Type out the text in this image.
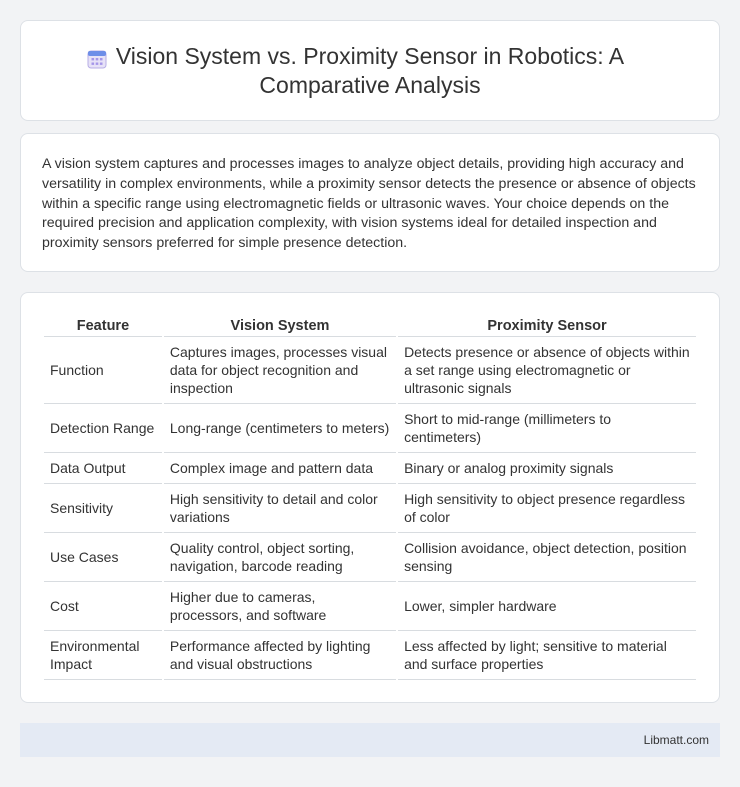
Vision System vs. Proximity Sensor in Robotics: A Comparative Analysis

A vision system captures and processes images to analyze object details, providing high accuracy and versatility in complex environments, while a proximity sensor detects the presence or absence of objects within a specific range using electromagnetic fields or ultrasonic waves. Your choice depends on the required precision and application complexity, with vision systems ideal for detailed inspection and proximity sensors preferred for simple presence detection.

Feature	Vision System	Proximity Sensor
Function	Captures images, processes visual data for object recognition and inspection	Detects presence or absence of objects within a set range using electromagnetic or ultrasonic signals
Detection Range	Long-range (centimeters to meters)	Short to mid-range (millimeters to centimeters)
Data Output	Complex image and pattern data	Binary or analog proximity signals
Sensitivity	High sensitivity to detail and color variations	High sensitivity to object presence regardless of color
Use Cases	Quality control, object sorting, navigation, barcode reading	Collision avoidance, object detection, position sensing
Cost	Higher due to cameras, processors, and software	Lower, simpler hardware
Environmental Impact	Performance affected by lighting and visual obstructions	Less affected by light; sensitive to material and surface properties
Libmatt.com
